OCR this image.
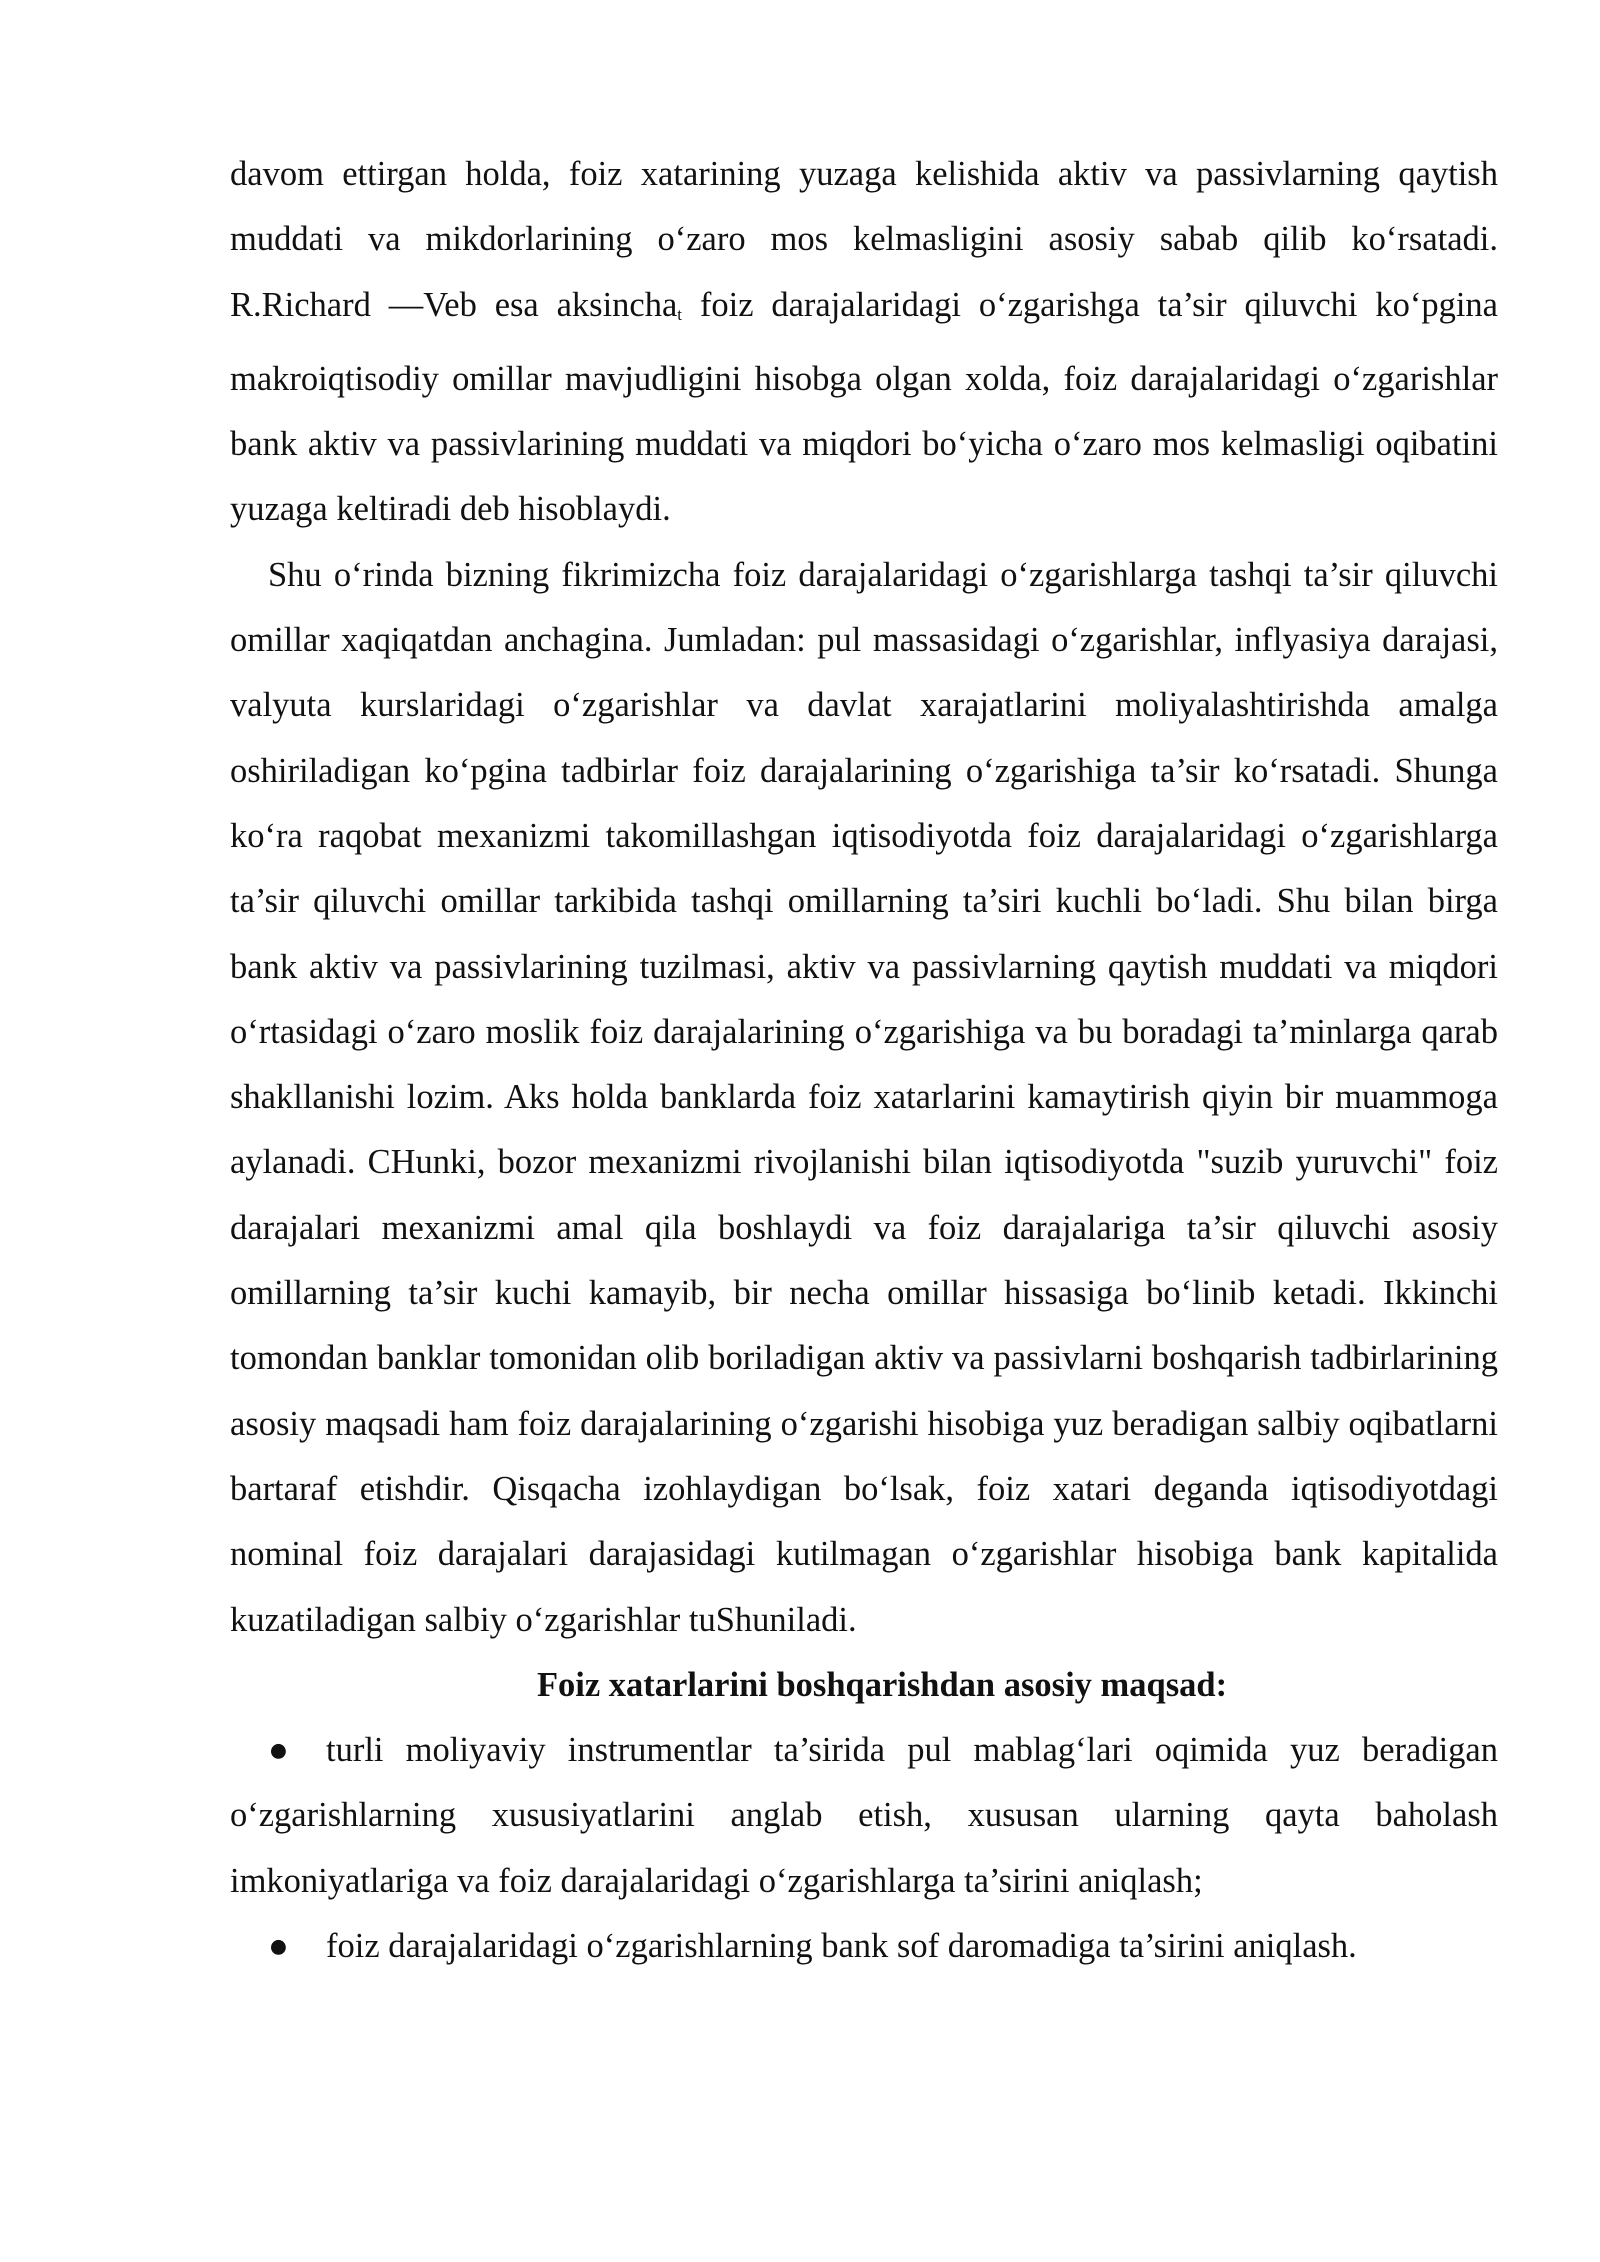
davom ettirgan holda, foiz xatarining yuzaga kelishida aktiv va passivlarning qaytish muddati va mikdorlarining o‘zaro mos kelmasligini asosiy sabab qilib ko‘rsatadi. R.Richard ―Veb esa aksincha$_t$ foiz darajalaridagi o‘zgarishga ta’sir qiluvchi ko‘pgina makroiqtisodiy omillar mavjudligini hisobga olgan xolda, foiz darajalaridagi o‘zgarishlar bank aktiv va passivlarining muddati va miqdori bo‘yicha o‘zaro mos kelmasligi oqibatini yuzaga keltiradi deb hisoblaydi.

Shu o‘rinda bizning fikrimizcha foiz darajalaridagi o‘zgarishlarga tashqi ta’sir qiluvchi omillar xaqiqatdan anchagina. Jumladan: pul massasidagi o‘zgarishlar, inflyasiya darajasi, valyuta kurslaridagi o‘zgarishlar va davlat xarajatlarini moliyalashtirishda amalga oshiriladigan ko‘pgina tadbirlar foiz darajalarining o‘zgarishiga ta’sir ko‘rsatadi. Shunga ko‘ra raqobat mexanizmi takomillashgan iqtisodiyotda foiz darajalaridagi o‘zgarishlarga ta’sir qiluvchi omillar tarkibida tashqi omillarning ta’siri kuchli bo‘ladi. Shu bilan birga bank aktiv va passivlarining tuzilmasi, aktiv va passivlarning qaytish muddati va miqdori o‘rtasidagi o‘zaro moslik foiz darajalarining o‘zgarishiga va bu boradagi ta’minlarga qarab shakllanishi lozim. Aks holda banklarda foiz xatarlarini kamaytirish qiyin bir muammoga aylanadi. CHunki, bozor mexanizmi rivojlanishi bilan iqtisodiyotda "suzib yuruvchi" foiz darajalari mexanizmi amal qila boshlaydi va foiz darajalariga ta’sir qiluvchi asosiy omillarning ta’sir kuchi kamayib, bir necha omillar hissasiga bo‘linib ketadi. Ikkinchi tomondan banklar tomonidan olib boriladigan aktiv va passivlarni boshqarish tadbirlarining asosiy maqsadi ham foiz darajalarining o‘zgarishi hisobiga yuz beradigan salbiy oqibatlarni bartaraf etishdir. Qisqacha izohlaydigan bo‘lsak, foiz xatari deganda iqtisodiyotdagi nominal foiz darajalari darajasidagi kutilmagan o‘zgarishlar hisobiga bank kapitalida kuzatiladigan salbiy o‘zgarishlar tuShuniladi.

Foiz xatarlarini boshqarishdan asosiy maqsad:

● turli moliyaviy instrumentlar ta’sirida pul mablag‘lari oqimida yuz beradigan o‘zgarishlarning xususiyatlarini anglab etish, xususan ularning qayta baholash imkoniyatlariga va foiz darajalaridagi o‘zgarishlarga ta’sirini aniqlash;

● foiz darajalaridagi o‘zgarishlarning bank sof daromadiga ta’sirini aniqlash.
